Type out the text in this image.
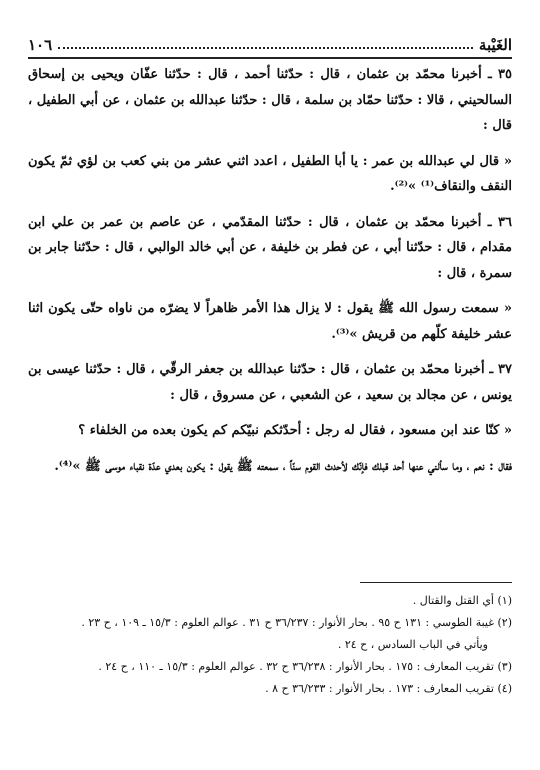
الغَيْبة
١٠٦

٣٥ ـ أخبرنا محمّد بن عثمان ، قال : حدّثنا أحمد ، قال : حدّثنا عفّان ويحيى بن إسحاق السالحيني ، قالا : حدّثنا حمّاد بن سلمة ، قال : حدّثنا عبدالله بن عثمان ، عن أبي الطفيل ، قال :

« قال لي عبدالله بن عمر : يا أبا الطفيل ، اعدد اثني عشر من بني كعب بن لؤي ثمّ يكون النقف والنقاف⁽¹⁾ »⁽²⁾.

٣٦ ـ أخبرنا محمّد بن عثمان ، قال : حدّثنا المقدّمي ، عن عاصم بن عمر بن علي ابن مقدام ، قال : حدّثنا أبي ، عن فطر بن خليفة ، عن أبي خالد الوالبي ، قال : حدّثنا جابر بن سمرة ، قال :

« سمعت رسول الله ﷺ يقول : لا يزال هذا الأمر ظاهراً لا يضرّه من ناواه حتّى يكون اثنا عشر خليفة كلّهم من قريش »⁽³⁾.

٣٧ ـ أخبرنا محمّد بن عثمان ، قال : حدّثنا عبدالله بن جعفر الرقّي ، قال : حدّثنا عيسى بن يونس ، عن مجالد بن سعيد ، عن الشعبي ، عن مسروق ، قال :

« كنّا عند ابن مسعود ، فقال له رجل : أحدّثكم نبيّكم كم يكون بعده من الخلفاء ؟

فقال : نعم ، وما سألني عنها أحد قبلك فإنّك لأحدث القوم سنّاً ، سمعته ﷺ يقول : يكون بعدي عدّة نقباء موسى ﷺ »⁽⁴⁾.

(١) أي القتل والقتال .

(٢) غيبة الطوسي : ١٣١ ح ٩٥ . بحار الأنوار : ٣٦/٢٣٧ ح ٣١ . عوالم العلوم : ١٥/٣ ـ ١٠٩ ، ح ٢٣ .

ويأتي في الباب السادس ، ح ٢٤ .

(٣) تقريب المعارف : ١٧٥ . بحار الأنوار : ٣٦/٢٣٨ ح ٣٢ . عوالم العلوم : ١٥/٣ ـ ١١٠ ، ح ٢٤ .

(٤) تقريب المعارف : ١٧٣ . بحار الأنوار : ٣٦/٢٣٣ ح ٨ .
